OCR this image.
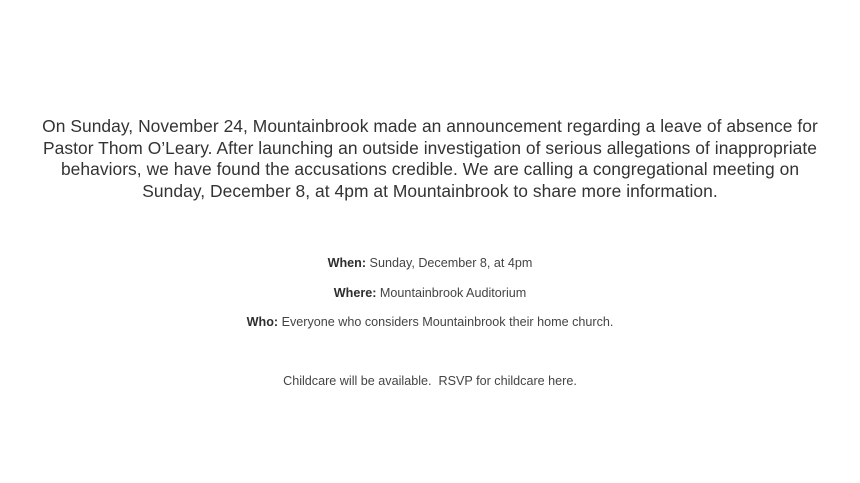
On Sunday, November 24, Mountainbrook made an announcement regarding a leave of absence for Pastor Thom O’Leary. After launching an outside investigation of serious allegations of inappropriate behaviors, we have found the accusations credible. We are calling a congregational meeting on Sunday, December 8, at 4pm at Mountainbrook to share more information.

When: Sunday, December 8, at 4pm

Where: Mountainbrook Auditorium

Who: Everyone who considers Mountainbrook their home church.

Childcare will be available.  RSVP for childcare here.
